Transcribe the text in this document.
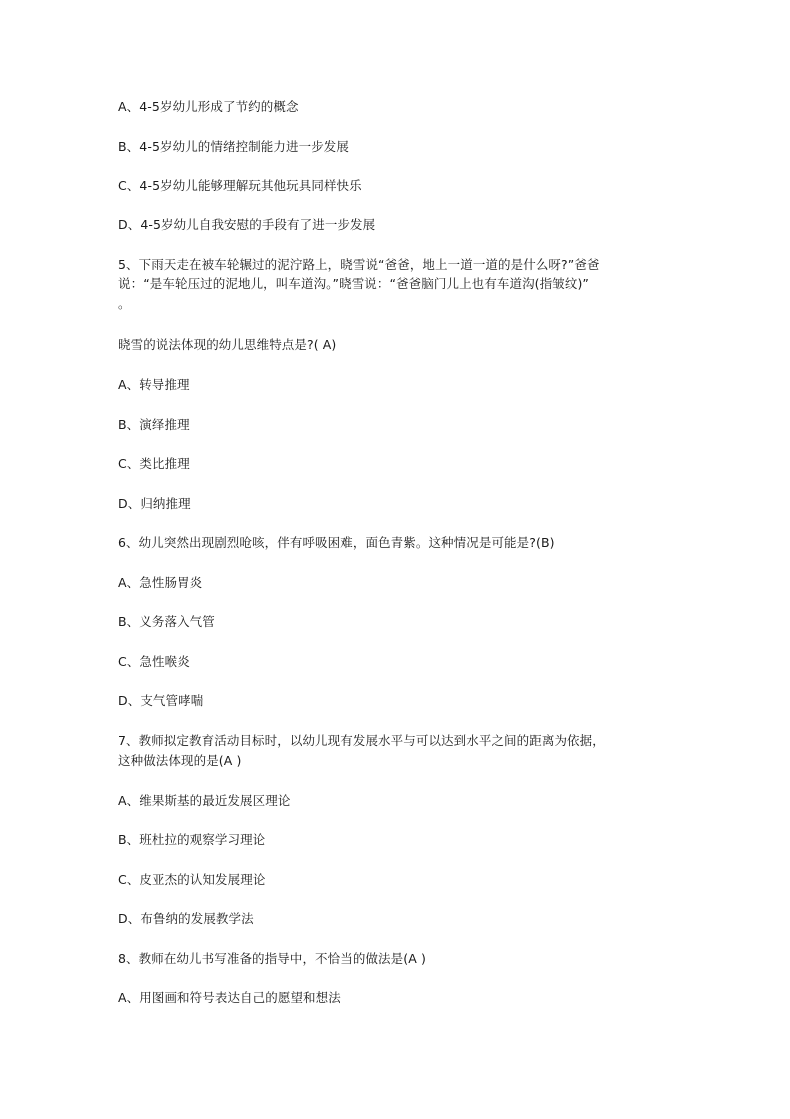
A、4-5岁幼儿形成了节约的概念
B、4-5岁幼儿的情绪控制能力进一步发展
C、4-5岁幼儿能够理解玩其他玩具同样快乐
D、4-5岁幼儿自我安慰的手段有了进一步发展
5、下雨天走在被车轮辗过的泥泞路上，晓雪说“爸爸，地上一道一道的是什么呀?”爸爸
说：“是车轮压过的泥地儿，叫车道沟。”晓雪说：“爸爸脑门儿上也有车道沟(指皱纹)”
。
晓雪的说法体现的幼儿思维特点是?( A)
A、转导推理
B、演绎推理
C、类比推理
D、归纳推理
6、幼儿突然出现剧烈呛咳，伴有呼吸困难，面色青紫。这种情况是可能是?(B)
A、急性肠胃炎
B、义务落入气管
C、急性喉炎
D、支气管哮喘
7、教师拟定教育活动目标时，以幼儿现有发展水平与可以达到水平之间的距离为依据，
这种做法体现的是(A )
A、维果斯基的最近发展区理论
B、班杜拉的观察学习理论
C、皮亚杰的认知发展理论
D、布鲁纳的发展教学法
8、教师在幼儿书写准备的指导中，不恰当的做法是(A )
A、用图画和符号表达自己的愿望和想法
